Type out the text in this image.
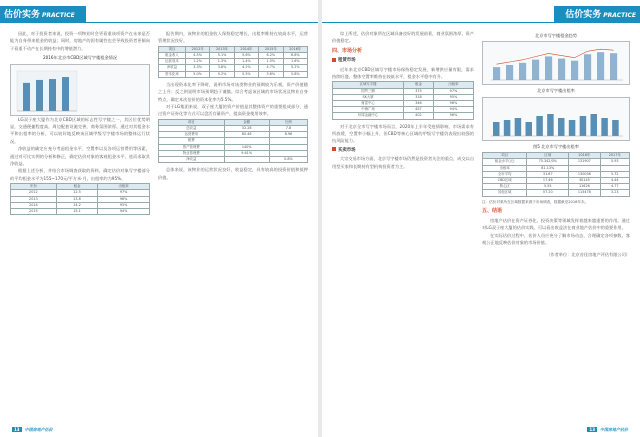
估价实务 PRACTICE

因此，对于投资者来说，投资一项物业时会更看重该项资产在未来是否能为自身带来租金的收益；同时，房地产的固有属性也会导致投资者更倾向于看重不动产在长期持有中的增值潜力。

2016年北京市CBD区域写字楼租金情况

LG双子座大厦作为北京CBD区域的标志性写字楼之一，其区位优势明显，交通便捷程度高，周边配套设施完善，商务氛围浓厚。通过对其租金水平和出租率的分析，可以较好地反映该区域甲级写字楼市场的整体运行状况。

净收益的确定应充分考虑租金水平、空置率以及各项运营费用等因素，通过对可比实例的分析和修正，确定估价对象的客观租金水平，进而求取其净收益。

根据上述分析，并结合市场调查获取的资料，确定估价对象写字楼部分的平均租金水平为155~170元/平方米·月，出租率约为95%。

年份	租金	出租率
2012	12.5	97%
2013	13.8	96%
2014	14.2	95%
2015	15.1	94%

报告期内，该物业的租金收入保持稳定增长，出租率维持在较高水平，运营管理状况良好。

项目	2012年	2013年	2014年	2015年	2016年
租金收入	4.5%	5.1%	5.6%	6.2%	6.8%
运营成本	1.2%	1.3%	1.4%	1.5%	1.6%
净收益	3.3%	3.8%	4.2%	4.7%	5.2%
资本化率	5.0%	5.2%	5.5%	5.6%	5.8%

当出现资本化率下降时，说明市场对该类物业的预期较为乐观，资产价值随之上升；反之则说明市场预期趋于谨慎。综合考虑该区域的市场状况及物业自身特点，确定本次估价的资本化率为5.5%。

对于LG集团来说，双子座大厦的资产价值是其整体资产的重要组成部分，通过资产证券化等方式可以盘活存量资产，提高资金使用效率。

项目	金额	比例
总收益	32.28	7.8
运营费用	80.46	8.96
税费		
资产管理费	140%	
物业管理费	9.61%	
净收益		0.8%

总体来说，该物业的运营状况良好，收益稳定，具有较高的投资价值和抵押价值。

13 中国房地产估价
估价实务 PRACTICE

综上所述，估价对象所在区域具备良好的发展前景，商业氛围浓厚，资产价值稳定。

四、市场分析
租赁市场

近年来北京CBD区域写字楼市场保持稳定发展，新增供应量有限，需求持续旺盛，整体空置率维持在较低水平，租金水平稳中有升。

区域写字楼	租金	出租率
国贸三期	375	97%
SK大厦	318	95%
财富中心	346	96%
中海广场	457	94%
环球金融中心	402	96%

对于北京全市写字楼市场而言，2020年上半年受疫情影响，市场需求有所放缓，空置率小幅上升，但CBD等核心区域的甲级写字楼仍表现出较强的抗风险能力。

买卖市场

大宗交易市场方面，北京写字楼市场仍然是投资者关注的重点，成交以自用型买家和长期持有型机构投资者为主。

北京市写字楼租金趋势
北京市写字楼出租率
图5 北京市写字楼出租率
项目	区域	2016年	2017年
租金水平(元)	75.342/0%	131907	5.93
出租率	81.13%		
全市平均	31.67	130036	5.72
CBD区域	17.46	30145	4.44
核心区	5.55	11626	4.77
其他区域	57.20	115478	3.23

注：估价对象所在区域数据来源于市场调查，数据截至2016年末。

五、结语

房地产估价在资产证券化、投资决策等领域发挥着越来越重要的作用。通过对LG双子座大厦的估价实践，可以看出收益法在商业地产估价中的重要作用。

在实际估价过程中，估价人员应充分了解市场动态，合理确定各项参数，客观公正地反映估价对象的市场价值。

（作者单位：北京首佳房地产评估有限公司）
13 中国房地产估价
